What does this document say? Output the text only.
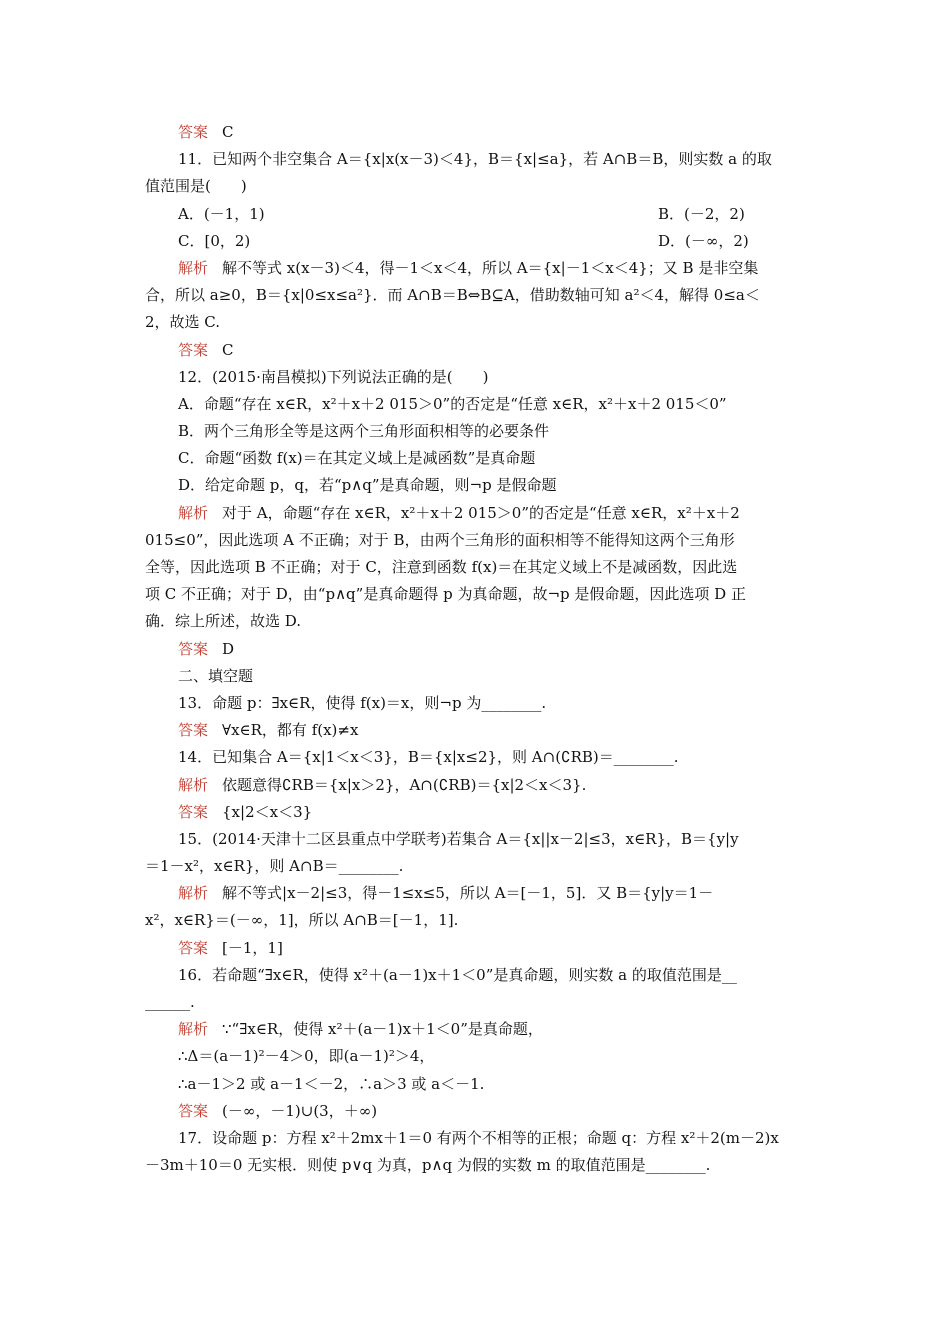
答案 C
11．已知两个非空集合 A＝{x|x(x－3)＜4}，B＝{x|≤a}，若 A∩B＝B，则实数 a 的取
值范围是(　　)
A．(－1，1)	B．(－2，2)
C．[0，2)	D．(－∞，2)
解析 解不等式 x(x－3)＜4，得－1＜x＜4，所以 A＝{x|－1＜x＜4}；又 B 是非空集
合，所以 a≥0，B＝{x|0≤x≤a²}．而 A∩B＝B⇔B⊆A，借助数轴可知 a²＜4，解得 0≤a＜
2，故选 C.
答案 C
12．(2015·南昌模拟)下列说法正确的是(　　)
A．命题“存在 x∈R，x²＋x＋2 015＞0”的否定是“任意 x∈R，x²＋x＋2 015＜0”
B．两个三角形全等是这两个三角形面积相等的必要条件
C．命题“函数 f(x)＝在其定义域上是减函数”是真命题
D．给定命题 p，q，若“p∧q”是真命题，则¬p 是假命题
解析 对于 A，命题“存在 x∈R，x²＋x＋2 015＞0”的否定是“任意 x∈R，x²＋x＋2
015≤0”，因此选项 A 不正确；对于 B，由两个三角形的面积相等不能得知这两个三角形
全等，因此选项 B 不正确；对于 C，注意到函数 f(x)＝在其定义域上不是减函数，因此选
项 C 不正确；对于 D，由“p∧q”是真命题得 p 为真命题，故¬p 是假命题，因此选项 D 正
确．综上所述，故选 D.
答案 D
二、填空题
13．命题 p：∃x∈R，使得 f(x)＝x，则¬p 为________.
答案 ∀x∈R，都有 f(x)≠x
14．已知集合 A＝{x|1＜x＜3}，B＝{x|x≤2}，则 A∩(∁RB)＝________.
解析 依题意得∁RB＝{x|x＞2}，A∩(∁RB)＝{x|2＜x＜3}.
答案 {x|2＜x＜3}
15．(2014·天津十二区县重点中学联考)若集合 A＝{x||x－2|≤3，x∈R}，B＝{y|y
＝1－x²，x∈R}，则 A∩B＝________.
解析 解不等式|x－2|≤3，得－1≤x≤5，所以 A＝[－1，5]．又 B＝{y|y＝1－
x²，x∈R}＝(－∞，1]，所以 A∩B＝[－1，1].
答案 [－1，1]
16．若命题“∃x∈R，使得 x²＋(a－1)x＋1＜0”是真命题，则实数 a 的取值范围是__
______.
解析 ∵“∃x∈R，使得 x²＋(a－1)x＋1＜0”是真命题，
∴Δ＝(a－1)²－4＞0，即(a－1)²＞4，
∴a－1＞2 或 a－1＜－2，∴a＞3 或 a＜－1.
答案 (－∞，－1)∪(3，＋∞)
17．设命题 p：方程 x²＋2mx＋1＝0 有两个不相等的正根；命题 q：方程 x²＋2(m－2)x
－3m＋10＝0 无实根．则使 p∨q 为真，p∧q 为假的实数 m 的取值范围是________.
